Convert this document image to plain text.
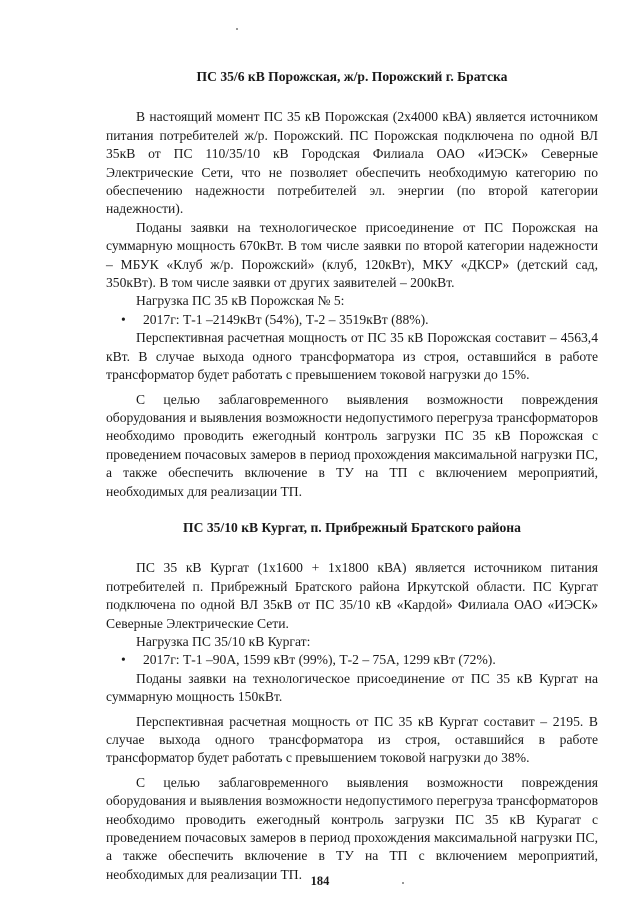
ПС 35/6 кВ Порожская, ж/р. Порожский г. Братска

В настоящий момент ПС 35 кВ Порожская (2х4000 кВА) является источником питания потребителей ж/р. Порожский. ПС Порожская подключена по одной ВЛ 35кВ от ПС 110/35/10 кВ Городская Филиала ОАО «ИЭСК» Северные Электрические Сети, что не позволяет обеспечить необходимую категорию по обеспечению надежности потребителей эл. энергии (по второй категории надежности).

Поданы заявки на технологическое присоединение от ПС Порожская на суммарную мощность 670кВт. В том числе заявки по второй категории надежности – МБУК «Клуб ж/р. Порожский» (клуб, 120кВт), МКУ «ДКСР» (детский сад, 350кВт). В том числе заявки от других заявителей – 200кВт.

Нагрузка ПС 35 кВ Порожская № 5:

•	2017г: Т-1 –2149кВт (54%), Т-2 – 3519кВт (88%).

Перспективная расчетная мощность от ПС 35 кВ Порожская составит – 4563,4 кВт. В случае выхода одного трансформатора из строя, оставшийся в работе трансформатор будет работать с превышением токовой нагрузки до 15%.

С целью заблаговременного выявления возможности повреждения оборудования и выявления возможности недопустимого перегруза трансформаторов необходимо проводить ежегодный контроль загрузки ПС 35 кВ Порожская с проведением почасовых замеров в период прохождения максимальной нагрузки ПС, а также обеспечить включение в ТУ на ТП с включением мероприятий, необходимых для реализации ТП.

ПС 35/10 кВ Кургат, п. Прибрежный Братского района

ПС 35 кВ Кургат (1х1600 + 1х1800 кВА) является источником питания потребителей п. Прибрежный Братского района Иркутской области. ПС Кургат подключена по одной ВЛ 35кВ от ПС 35/10 кВ «Кардой» Филиала ОАО «ИЭСК» Северные Электрические Сети.

Нагрузка ПС 35/10 кВ Кургат:

•	2017г: Т-1 –90А, 1599 кВт (99%), Т-2 – 75А, 1299 кВт (72%).

Поданы заявки на технологическое присоединение от ПС 35 кВ Кургат на суммарную мощность 150кВт.

Перспективная расчетная мощность от ПС 35 кВ Кургат составит – 2195. В случае выхода одного трансформатора из строя, оставшийся в работе трансформатор будет работать с превышением токовой нагрузки до 38%.

С целью заблаговременного выявления возможности повреждения оборудования и выявления возможности недопустимого перегруза трансформаторов необходимо проводить ежегодный контроль загрузки ПС 35 кВ Курагат с проведением почасовых замеров в период прохождения максимальной нагрузки ПС, а также обеспечить включение в ТУ на ТП с включением мероприятий, необходимых для реализации ТП. 184
